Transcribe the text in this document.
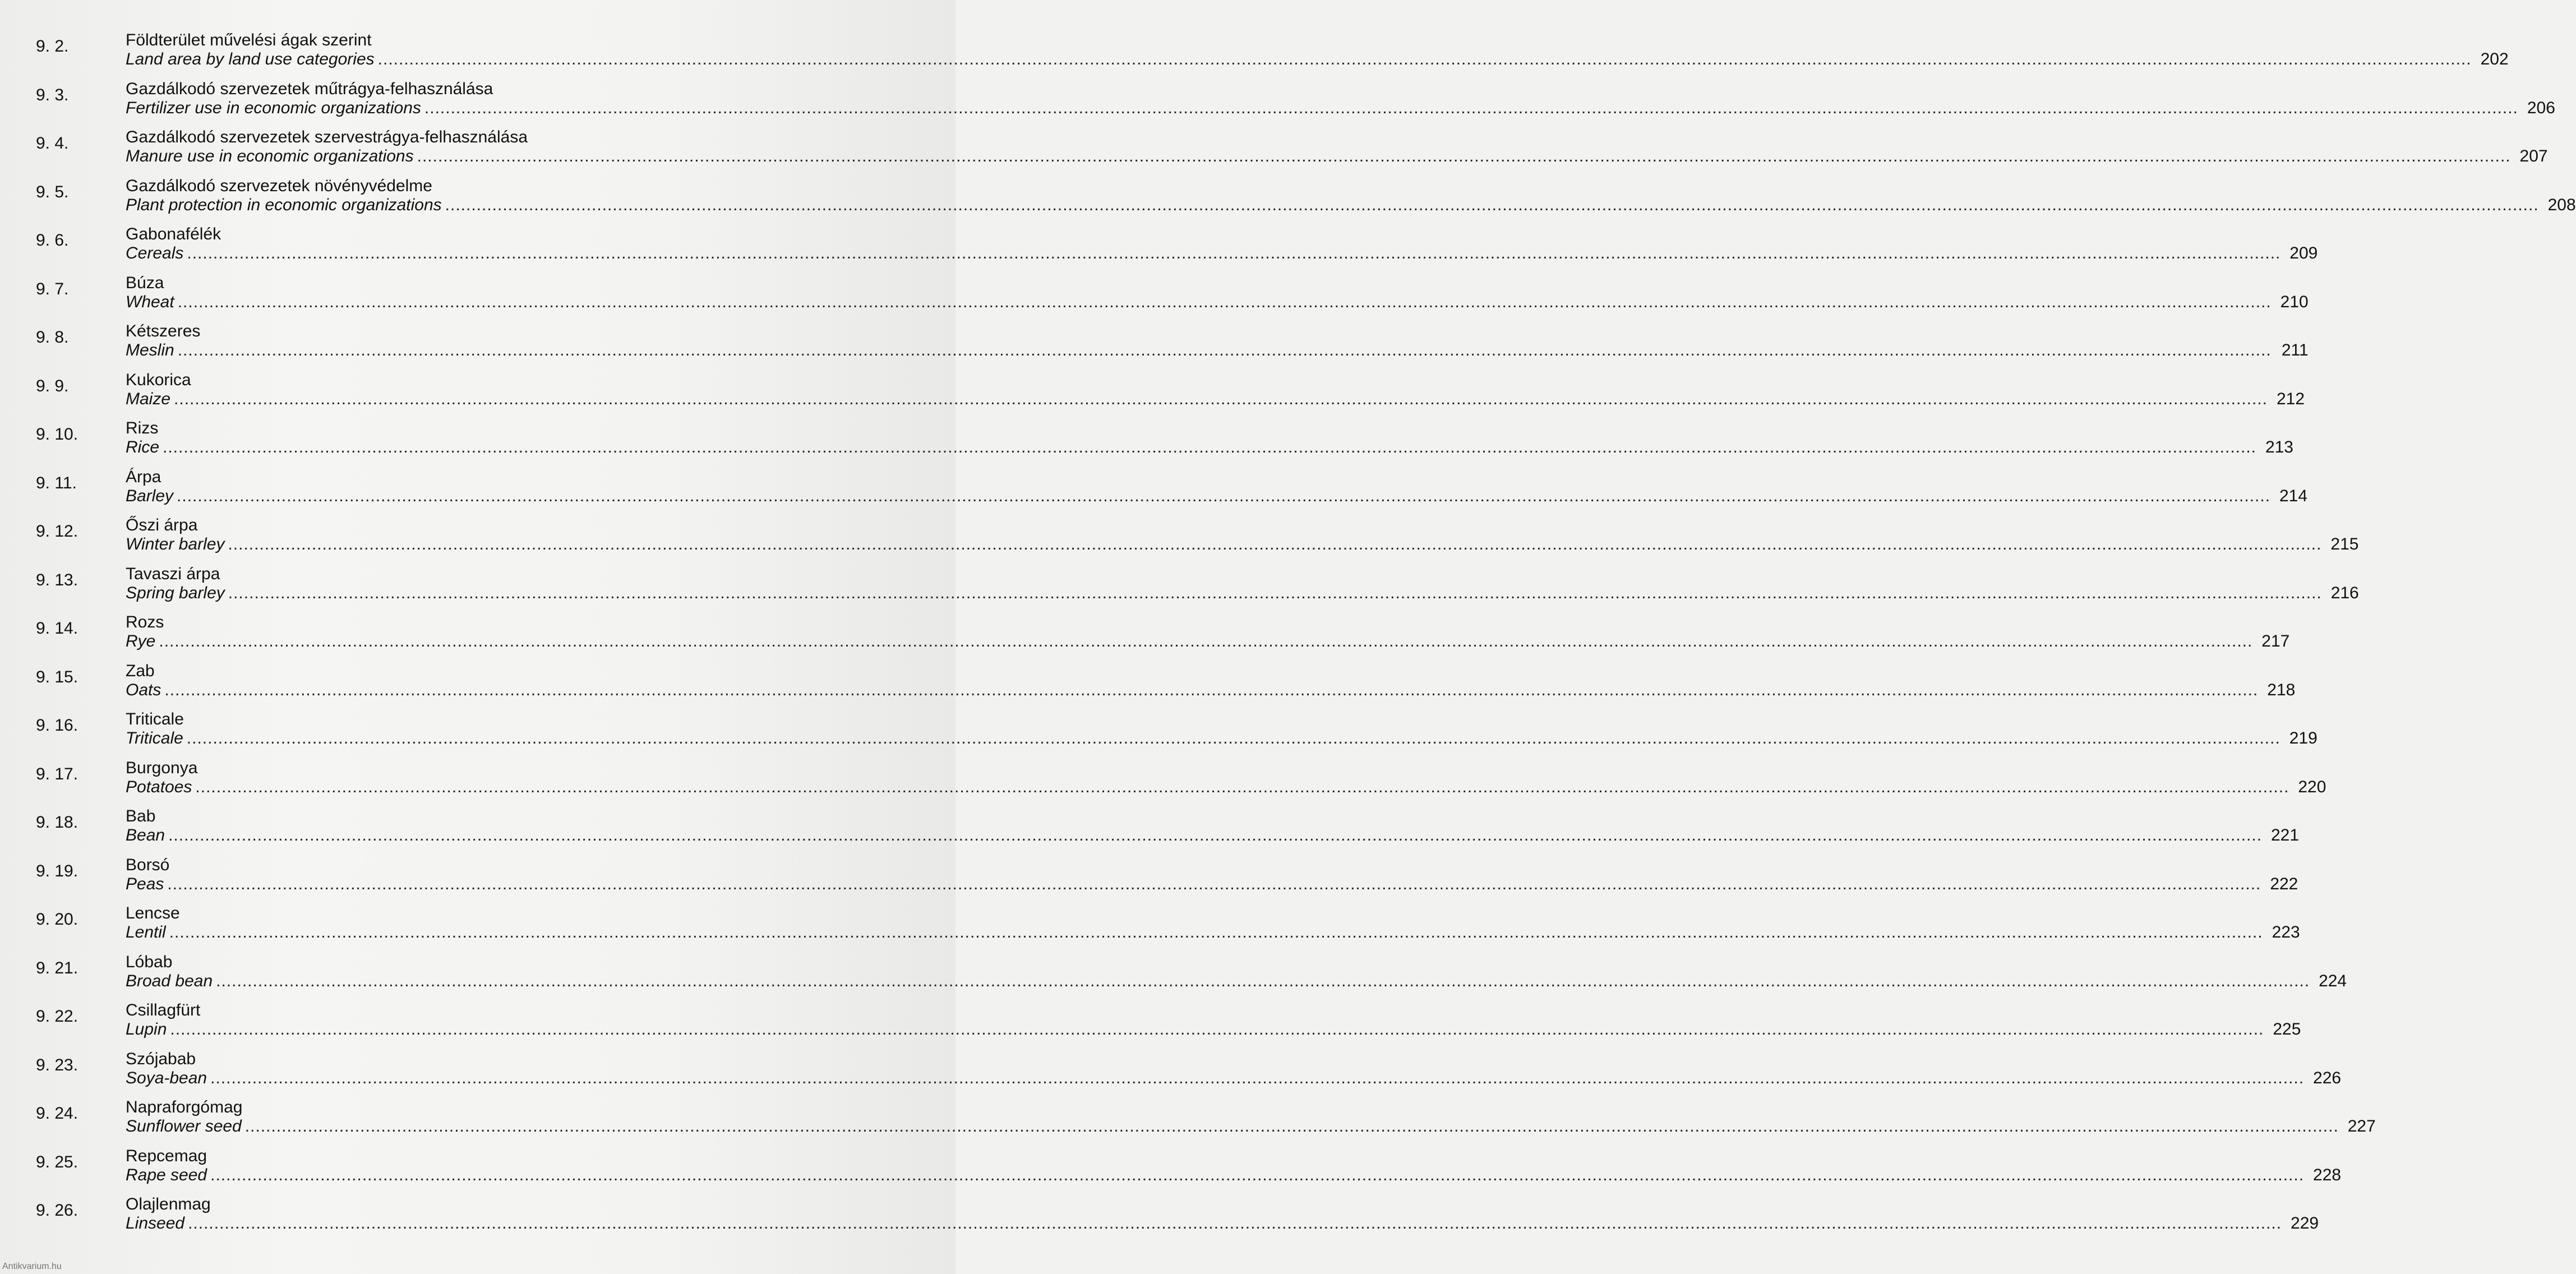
9. 2.	Földterület művelési ágak szerint
Land area by land use categories ................................................................................................................................................................................................................................................................................................................................................................................................................ 202
9. 3.	Gazdálkodó szervezetek műtrágya-felhasználása
Fertilizer use in economic organizations ................................................................................................................................................................................................................................................................................................................................................................................................................ 206
9. 4.	Gazdálkodó szervezetek szervestrágya-felhasználása
Manure use in economic organizations ................................................................................................................................................................................................................................................................................................................................................................................................................ 207
9. 5.	Gazdálkodó szervezetek növényvédelme
Plant protection in economic organizations ................................................................................................................................................................................................................................................................................................................................................................................................................ 208
9. 6.	Gabonafélék
Cereals ................................................................................................................................................................................................................................................................................................................................................................................................................ 209
9. 7.	Búza
Wheat ................................................................................................................................................................................................................................................................................................................................................................................................................ 210
9. 8.	Kétszeres
Meslin ................................................................................................................................................................................................................................................................................................................................................................................................................ 211
9. 9.	Kukorica
Maize ................................................................................................................................................................................................................................................................................................................................................................................................................ 212
9. 10.	Rizs
Rice ................................................................................................................................................................................................................................................................................................................................................................................................................ 213
9. 11.	Árpa
Barley ................................................................................................................................................................................................................................................................................................................................................................................................................ 214
9. 12.	Őszi árpa
Winter barley ................................................................................................................................................................................................................................................................................................................................................................................................................ 215
9. 13.	Tavaszi árpa
Spring barley ................................................................................................................................................................................................................................................................................................................................................................................................................ 216
9. 14.	Rozs
Rye ................................................................................................................................................................................................................................................................................................................................................................................................................ 217
9. 15.	Zab
Oats ................................................................................................................................................................................................................................................................................................................................................................................................................ 218
9. 16.	Triticale
Triticale ................................................................................................................................................................................................................................................................................................................................................................................................................ 219
9. 17.	Burgonya
Potatoes ................................................................................................................................................................................................................................................................................................................................................................................................................ 220
9. 18.	Bab
Bean ................................................................................................................................................................................................................................................................................................................................................................................................................ 221
9. 19.	Borsó
Peas ................................................................................................................................................................................................................................................................................................................................................................................................................ 222
9. 20.	Lencse
Lentil ................................................................................................................................................................................................................................................................................................................................................................................................................ 223
9. 21.	Lóbab
Broad bean ................................................................................................................................................................................................................................................................................................................................................................................................................ 224
9. 22.	Csillagfürt
Lupin ................................................................................................................................................................................................................................................................................................................................................................................................................ 225
9. 23.	Szójabab
Soya-bean ................................................................................................................................................................................................................................................................................................................................................................................................................ 226
9. 24.	Napraforgómag
Sunflower seed ................................................................................................................................................................................................................................................................................................................................................................................................................ 227
9. 25.	Repcemag
Rape seed ................................................................................................................................................................................................................................................................................................................................................................................................................ 228
9. 26.	Olajlenmag
Linseed ................................................................................................................................................................................................................................................................................................................................................................................................................ 229
Antikvarium.hu
